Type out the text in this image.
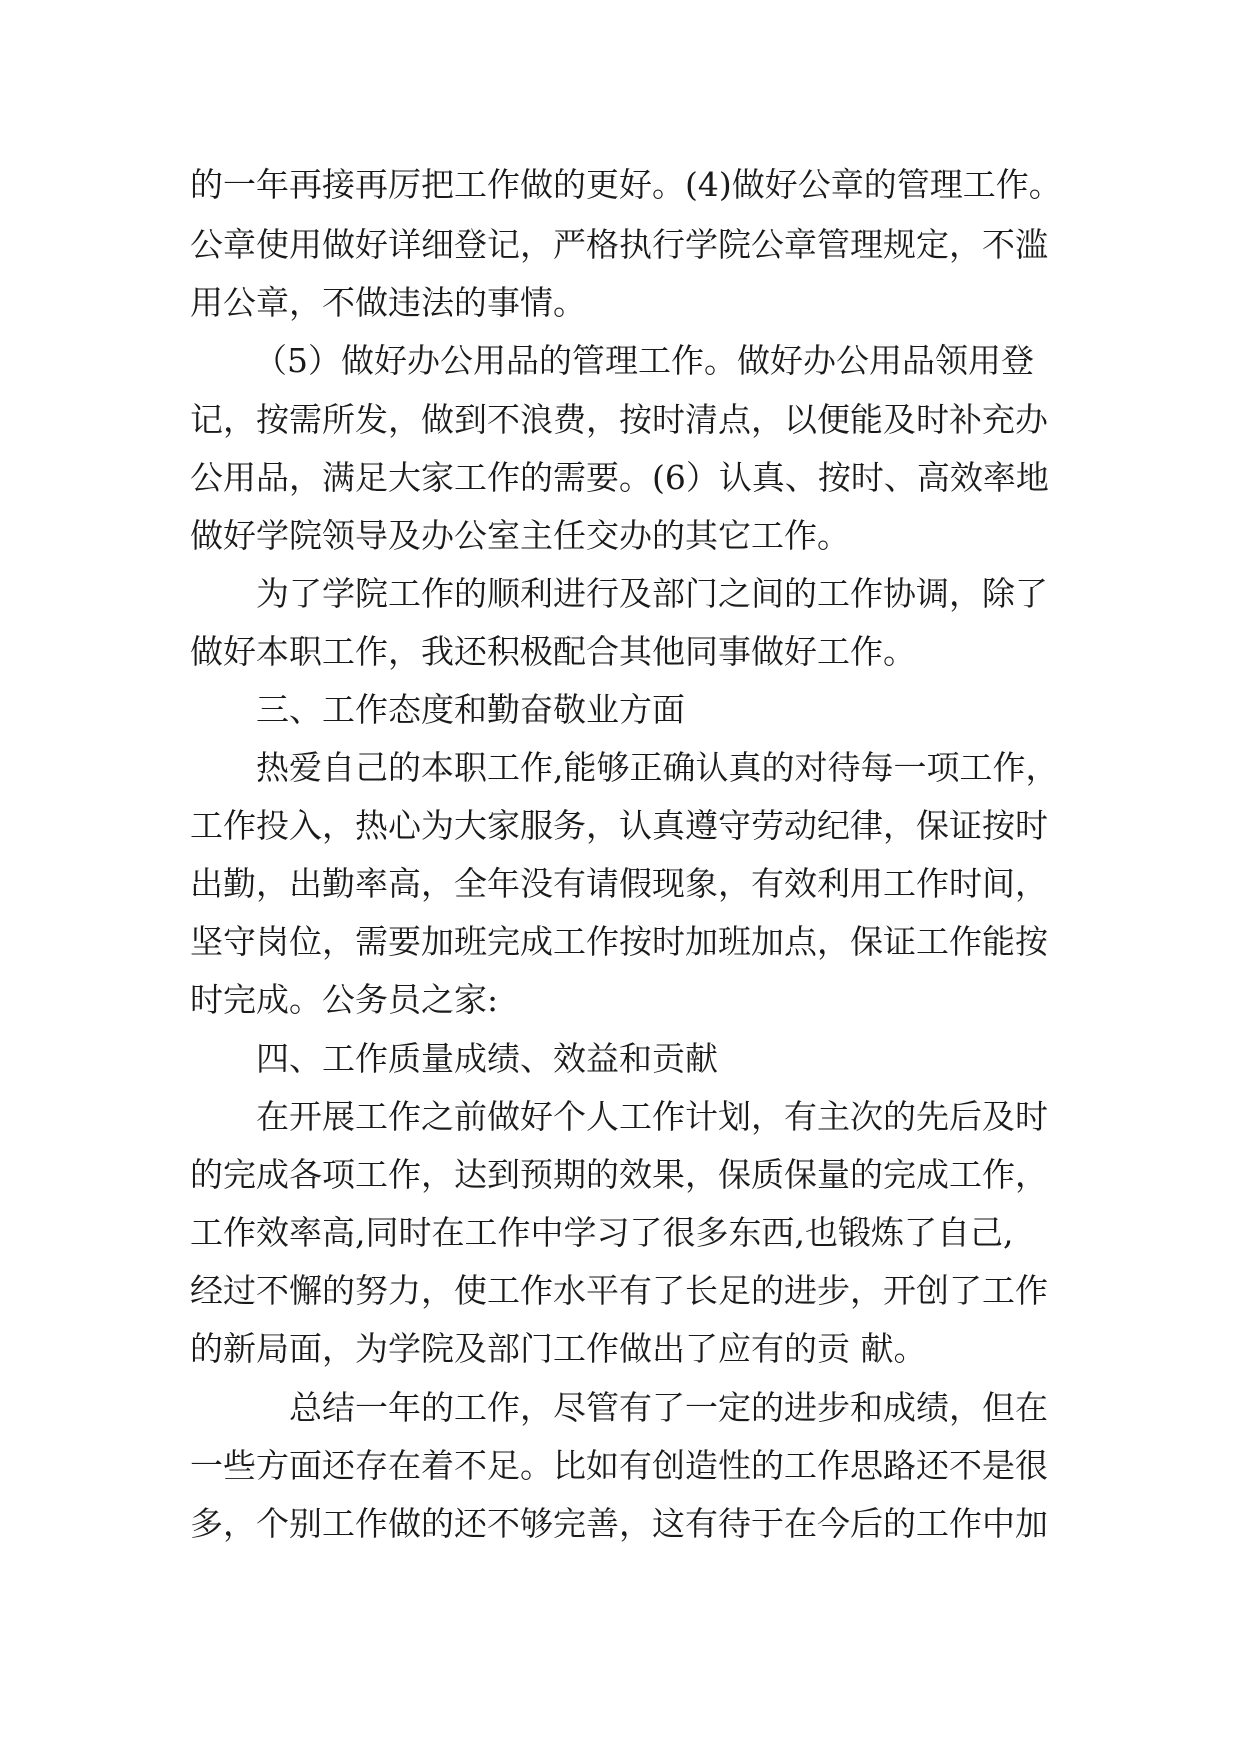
的一年再接再厉把工作做的更好。(4)做好公章的管理工作。

公章使用做好详细登记，严格执行学院公章管理规定，不滥

用公章，不做违法的事情。

（5）做好办公用品的管理工作。做好办公用品领用登

记，按需所发，做到不浪费，按时清点，以便能及时补充办

公用品，满足大家工作的需要。(6）认真、按时、高效率地

做好学院领导及办公室主任交办的其它工作。

为了学院工作的顺利进行及部门之间的工作协调，除了

做好本职工作，我还积极配合其他同事做好工作。

三、工作态度和勤奋敬业方面

热爱自己的本职工作,能够正确认真的对待每一项工作，

工作投入，热心为大家服务，认真遵守劳动纪律，保证按时

出勤，出勤率高，全年没有请假现象，有效利用工作时间，

坚守岗位，需要加班完成工作按时加班加点，保证工作能按

时完成。公务员之家:

四、工作质量成绩、效益和贡献

在开展工作之前做好个人工作计划，有主次的先后及时

的完成各项工作，达到预期的效果，保质保量的完成工作，

工作效率高,同时在工作中学习了很多东西,也锻炼了自己,

经过不懈的努力，使工作水平有了长足的进步，开创了工作

的新局面，为学院及部门工作做出了应有的贡 献。

总结一年的工作，尽管有了一定的进步和成绩，但在

一些方面还存在着不足。比如有创造性的工作思路还不是很

多，个别工作做的还不够完善，这有待于在今后的工作中加
